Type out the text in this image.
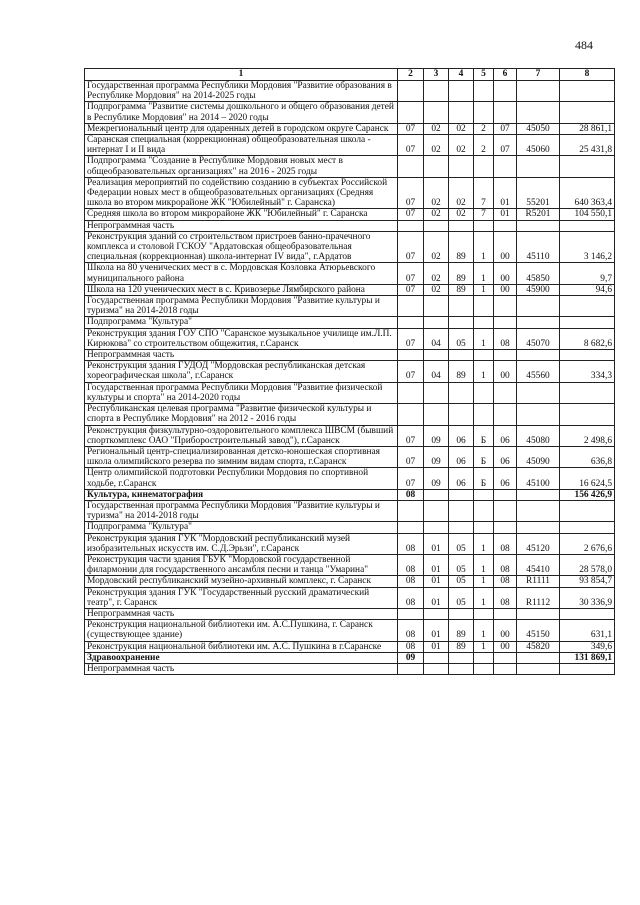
484
1	2	3	4	5	6	7	8
Государственная программа Республики Мордовия "Развитие образования в Республике Мордовия" на 2014-2025 годы							
Подпрограмма "Развитие системы дошкольного и общего образования детей в Республике Мордовия" на 2014 – 2020 годы							
Межрегиональный центр для одаренных детей в городском округе Саранск	07	02	02	2	07	45050	28 861,1
Саранская специальная (коррекционная) общеобразовательная школа - интернат I и II вида	07	02	02	2	07	45060	25 431,8
Подпрограмма "Создание в Республике Мордовия новых мест в общеобразовательных организациях" на 2016 - 2025 годы							
Реализация мероприятий по содействию созданию в субъектах Российской Федерации новых мест в общеобразовательных организациях (Средняя школа во втором микрорайоне ЖК "Юбилейный" г. Саранска)	07	02	02	7	01	55201	640 363,4
Средняя школа во втором микрорайоне ЖК "Юбилейный" г. Саранска	07	02	02	7	01	R5201	104 550,1
Непрограммная часть							
Реконструкция зданий со строительством пристроев банно-прачечного комплекса и столовой ГСКОУ "Ардатовская общеобразовательная специальная (коррекционная) школа-интернат IV вида", г.Ардатов	07	02	89	1	00	45110	3 146,2
Школа на 80 ученических мест в с. Мордовская Козловка Атюрьевского муниципального района	07	02	89	1	00	45850	9,7
Школа на 120 ученических мест в с. Кривозерье Лямбирского района	07	02	89	1	00	45900	94,6
Государственная программа Республики Мордовия "Развитие культуры и туризма" на 2014-2018 годы							
Подпрограмма "Культура"							
Реконструкция здания ГОУ СПО "Саранское музыкальное училище им.Л.П. Кирюкова" со строительством общежития, г.Саранск	07	04	05	1	08	45070	8 682,6
Непрограммная часть							
Реконструкция здания ГУДОД "Мордовская республиканская детская хореографическая школа", г.Саранск	07	04	89	1	00	45560	334,3
Государственная программа Республики Мордовия "Развитие физической культуры и спорта" на 2014-2020 годы							
Республиканская целевая программа "Развитие физической культуры и спорта в Республике Мордовия" на 2012 - 2016 годы							
Реконструкция физкультурно-оздоровительного комплекса ШВСМ (бывший спорткомплекс ОАО "Приборостроительный завод"), г.Саранск	07	09	06	Б	06	45080	2 498,6
Региональный центр-специализированная детско-юношеская спортивная школа олимпийского резерва по зимним видам спорта, г.Саранск	07	09	06	Б	06	45090	636,8
Центр олимпийской подготовки Республики Мордовия по спортивной ходьбе, г.Саранск	07	09	06	Б	06	45100	16 624,5
Культура, кинематография	08						156 426,9
Государственная программа Республики Мордовия "Развитие культуры и туризма" на 2014-2018 годы							
Подпрограмма "Культура"							
Реконструкция здания ГУК "Мордовский республиканский музей изобразительных искусств им. С.Д.Эрьзи", г.Саранск	08	01	05	1	08	45120	2 676,6
Реконструкция части здания ГБУК "Мордовской государственной филармонии для государственного ансамбля песни и танца "Умарина"	08	01	05	1	08	45410	28 578,0
Мордовский республиканский музейно-архивный комплекс, г. Саранск	08	01	05	1	08	R1111	93 854,7
Реконструкция здания ГУК "Государственный русский драматический театр", г. Саранск	08	01	05	1	08	R1112	30 336,9
Непрограммная часть							
Реконструкция национальной библиотеки им. А.С.Пушкина, г. Саранск (существующее здание)	08	01	89	1	00	45150	631,1
Реконструкция национальной библиотеки им. А.С. Пушкина в г.Саранске	08	01	89	1	00	45820	349,6
Здравоохранение	09						131 869,1
Непрограммная часть							
